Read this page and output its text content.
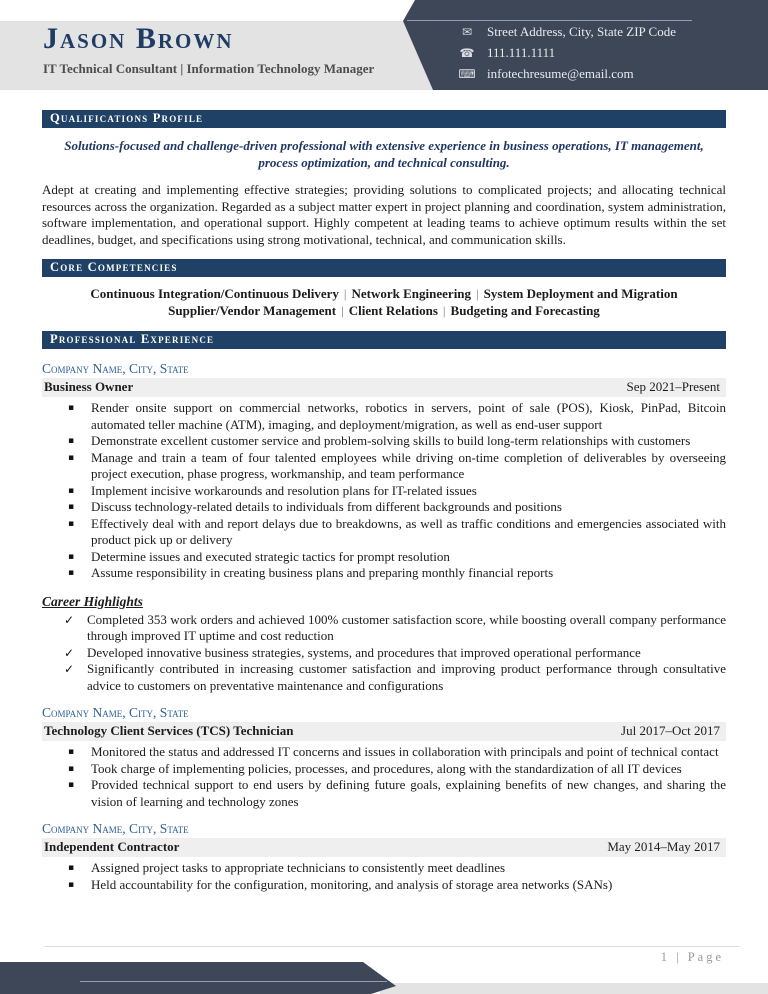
Jason Brown
IT Technical Consultant | Information Technology Manager
✉	Street Address, City, State ZIP Code
☎ 111.111.1111
⌨ infotechresume@email.com
Qualifications Profile

Solutions-focused and challenge-driven professional with extensive experience in business operations, IT management, process optimization, and technical consulting.

Adept at creating and implementing effective strategies; providing solutions to complicated projects; and allocating technical resources across the organization. Regarded as a subject matter expert in project planning and coordination, system administration, software implementation, and operational support. Highly competent at leading teams to achieve optimum results within the set deadlines, budget, and specifications using strong motivational, technical, and communication skills.

Core Competencies
Continuous Integration/Continuous Delivery | Network Engineering | System Deployment and Migration
Supplier/Vendor Management | Client Relations | Budgeting and Forecasting
Professional Experience
Company Name, City, State
Business Owner	Sep 2021–Present
▪	Render onsite support on commercial networks, robotics in servers, point of sale (POS), Kiosk, PinPad, Bitcoin automated teller machine (ATM), imaging, and deployment/migration, as well as end-user support
▪	Demonstrate excellent customer service and problem-solving skills to build long-term relationships with customers
▪	Manage and train a team of four talented employees while driving on-time completion of deliverables by overseeing project execution, phase progress, workmanship, and team performance
▪	Implement incisive workarounds and resolution plans for IT-related issues
▪	Discuss technology-related details to individuals from different backgrounds and positions
▪	Effectively deal with and report delays due to breakdowns, as well as traffic conditions and emergencies associated with product pick up or delivery
▪	Determine issues and executed strategic tactics for prompt resolution
▪	Assume responsibility in creating business plans and preparing monthly financial reports
Career Highlights
✓ Completed 353 work orders and achieved 100% customer satisfaction score, while boosting overall company performance through improved IT uptime and cost reduction
✓ Developed innovative business strategies, systems, and procedures that improved operational performance
✓ Significantly contributed in increasing customer satisfaction and improving product performance through consultative advice to customers on preventative maintenance and configurations
Company Name, City, State
Technology Client Services (TCS) Technician	Jul 2017–Oct 2017
▪	Monitored the status and addressed IT concerns and issues in collaboration with principals and point of technical contact
▪	Took charge of implementing policies, processes, and procedures, along with the standardization of all IT devices
▪	Provided technical support to end users by defining future goals, explaining benefits of new changes, and sharing the vision of learning and technology zones
Company Name, City, State
Independent Contractor	May 2014–May 2017
▪	Assigned project tasks to appropriate technicians to consistently meet deadlines
▪	Held accountability for the configuration, monitoring, and analysis of storage area networks (SANs)
1 | Page
